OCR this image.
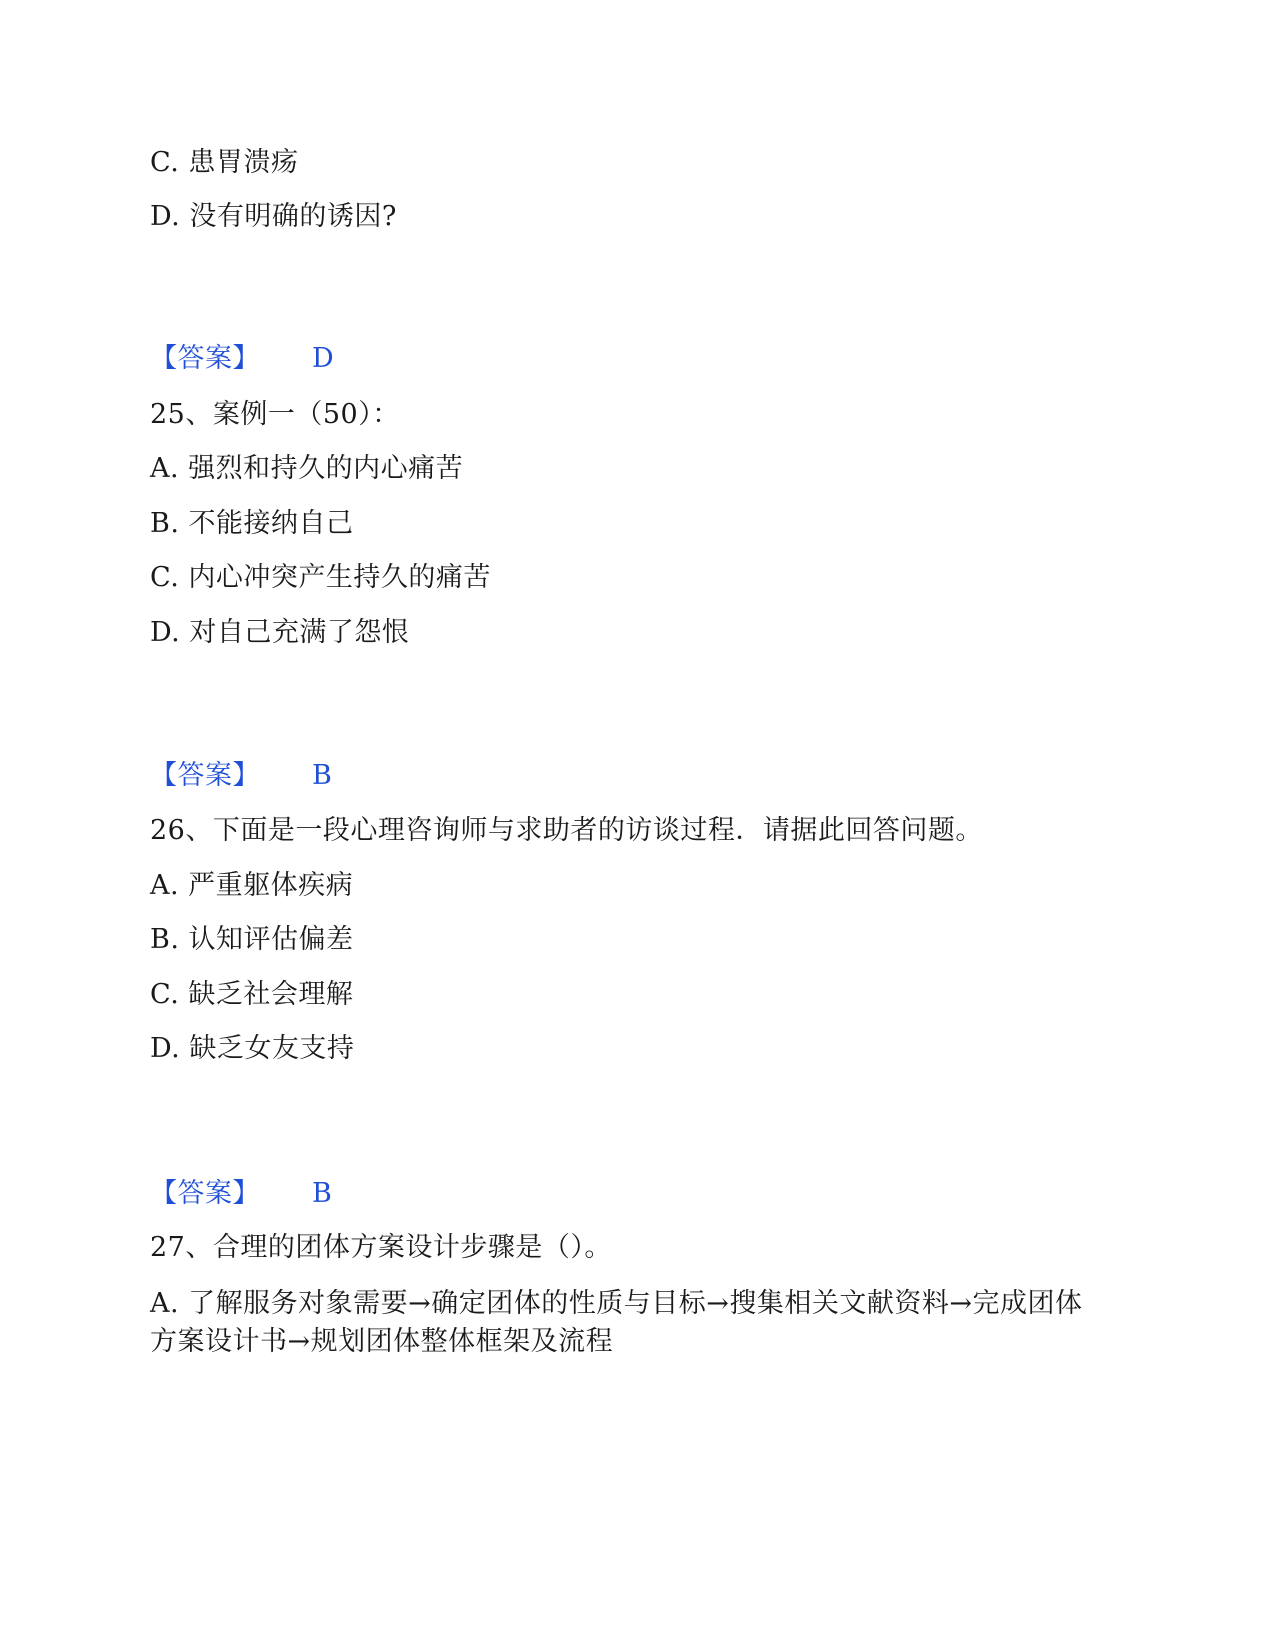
C. 患胃溃疡
D. 没有明确的诱因?
【答案】 D
25、案例一（50）：
A. 强烈和持久的内心痛苦
B. 不能接纳自己
C. 内心冲突产生持久的痛苦
D. 对自己充满了怨恨
【答案】 B
26、下面是一段心理咨询师与求助者的访谈过程．请据此回答问题。
A. 严重躯体疾病
B. 认知评估偏差
C. 缺乏社会理解
D. 缺乏女友支持
【答案】 B
27、合理的团体方案设计步骤是（）。
A. 了解服务对象需要→确定团体的性质与目标→搜集相关文献资料→完成团体方案设计书→规划团体整体框架及流程
